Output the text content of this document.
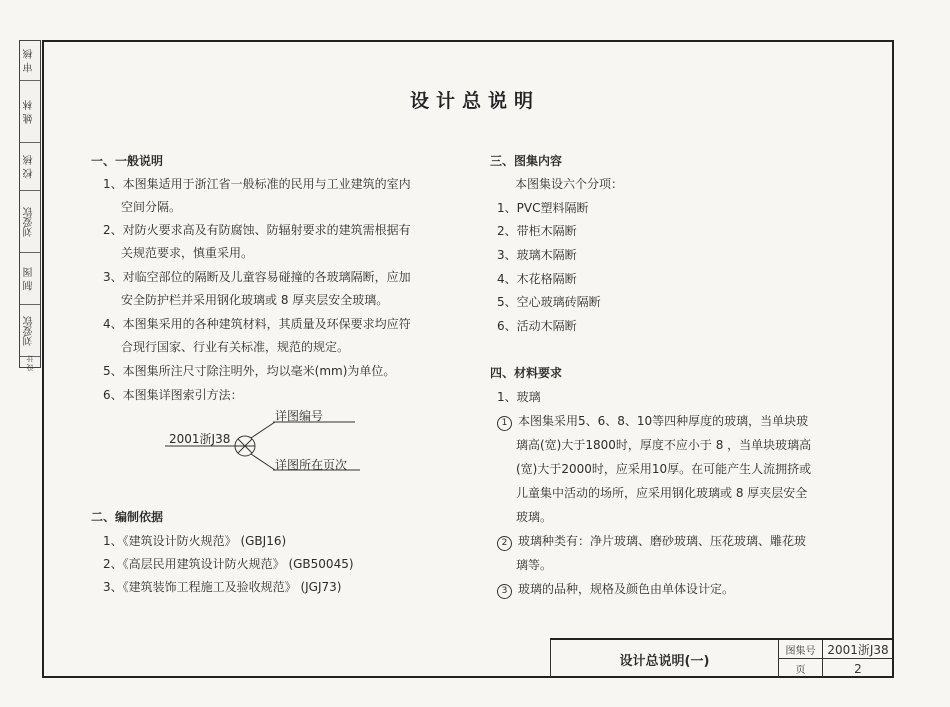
审 核
姚 林
校 核
刘爱钦
制 图
刘爱钦
设 计
设计总说明
一、一般说明
1、本图集适用于浙江省一般标准的民用与工业建筑的室内
空间分隔。
2、对防火要求高及有防腐蚀、防辐射要求的建筑需根据有
关规范要求，慎重采用。
3、对临空部位的隔断及儿童容易碰撞的各玻璃隔断，应加
安全防护栏并采用钢化玻璃或 8 厚夹层安全玻璃。
4、本图集采用的各种建筑材料，其质量及环保要求均应符
合现行国家、行业有关标准，规范的规定。
5、本图集所注尺寸除注明外，均以毫米(mm)为单位。
6、本图集详图索引方法：
二、编制依据
1、《建筑设计防火规范》 (GBJ16)
2、《高层民用建筑设计防火规范》 (GB50045)
3、《建筑装饰工程施工及验收规范》 (JGJ73)
2001浙J38
详图编号
详图所在页次
三、图集内容
本图集设六个分项：
1、PVC塑料隔断
2、带柜木隔断
3、玻璃木隔断
4、木花格隔断
5、空心玻璃砖隔断
6、活动木隔断
四、材料要求
1、玻璃
1 本图集采用5、6、8、10等四种厚度的玻璃，当单块玻
璃高(宽)大于1800时，厚度不应小于 8 ，当单块玻璃高
(宽)大于2000时，应采用10厚。在可能产生人流拥挤或
儿童集中活动的场所，应采用钢化玻璃或 8 厚夹层安全
玻璃。
2 玻璃种类有：净片玻璃、磨砂玻璃、压花玻璃、雕花玻
璃等。
3 玻璃的品种，规格及颜色由单体设计定。
设计总说明(一)
图集号 2001浙J38
页	2
